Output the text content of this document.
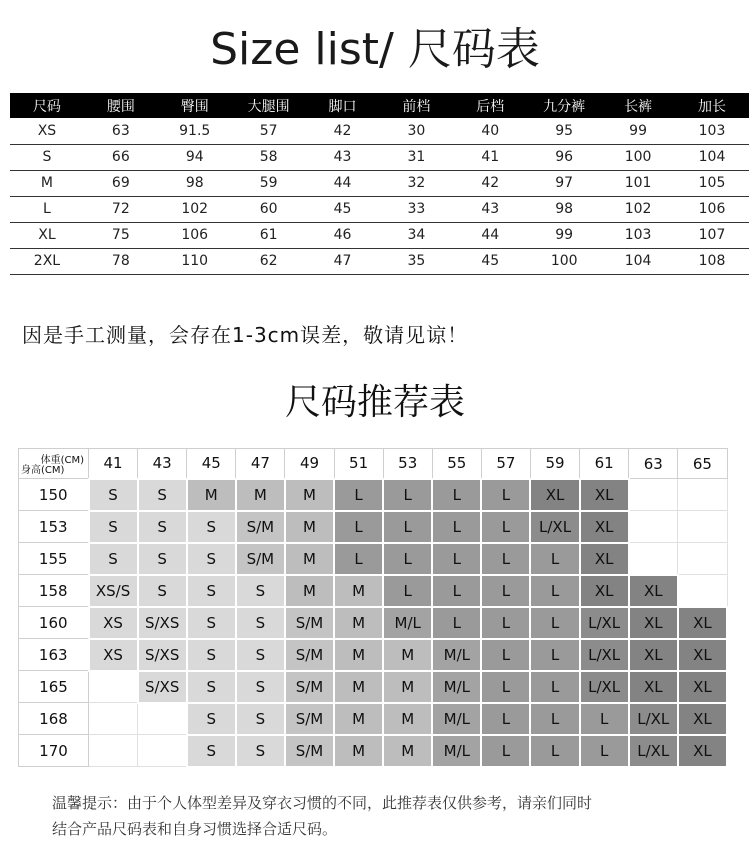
Size list/ 尺码表
尺码	腰围	臀围	大腿围	脚口	前档	后档	九分裤	长裤	加长
XS	63	91.5	57	42	30	40	95	99	103
S	66	94	58	43	31	41	96	100	104
M	69	98	59	44	32	42	97	101	105
L	72	102	60	45	33	43	98	102	106
XL	75	106	61	46	34	44	99	103	107
2XL	78	110	62	47	35	45	100	104	108
因是手工测量，会存在1-3cm误差，敬请见谅！
尺码推荐表
体重(CM)
身高(CM)	41	43	45	47	49	51	53	55	57	59	61	63	65
150	S	S	M	M	M	L	L	L	L	XL	XL		
153	S	S	S	S/M	M	L	L	L	L	L/XL	XL		
155	S	S	S	S/M	M	L	L	L	L	L	XL		
158	XS/S	S	S	S	M	M	L	L	L	L	XL	XL	
160	XS	S/XS	S	S	S/M	M	M/L	L	L	L	L/XL	XL	XL
163	XS	S/XS	S	S	S/M	M	M	M/L	L	L	L/XL	XL	XL
165		S/XS	S	S	S/M	M	M	M/L	L	L	L/XL	XL	XL
168			S	S	S/M	M	M	M/L	L	L	L	L/XL	XL
170			S	S	S/M	M	M	M/L	L	L	L	L/XL	XL
温馨提示：由于个人体型差异及穿衣习惯的不同，此推荐表仅供参考，请亲们同时
结合产品尺码表和自身习惯选择合适尺码。
